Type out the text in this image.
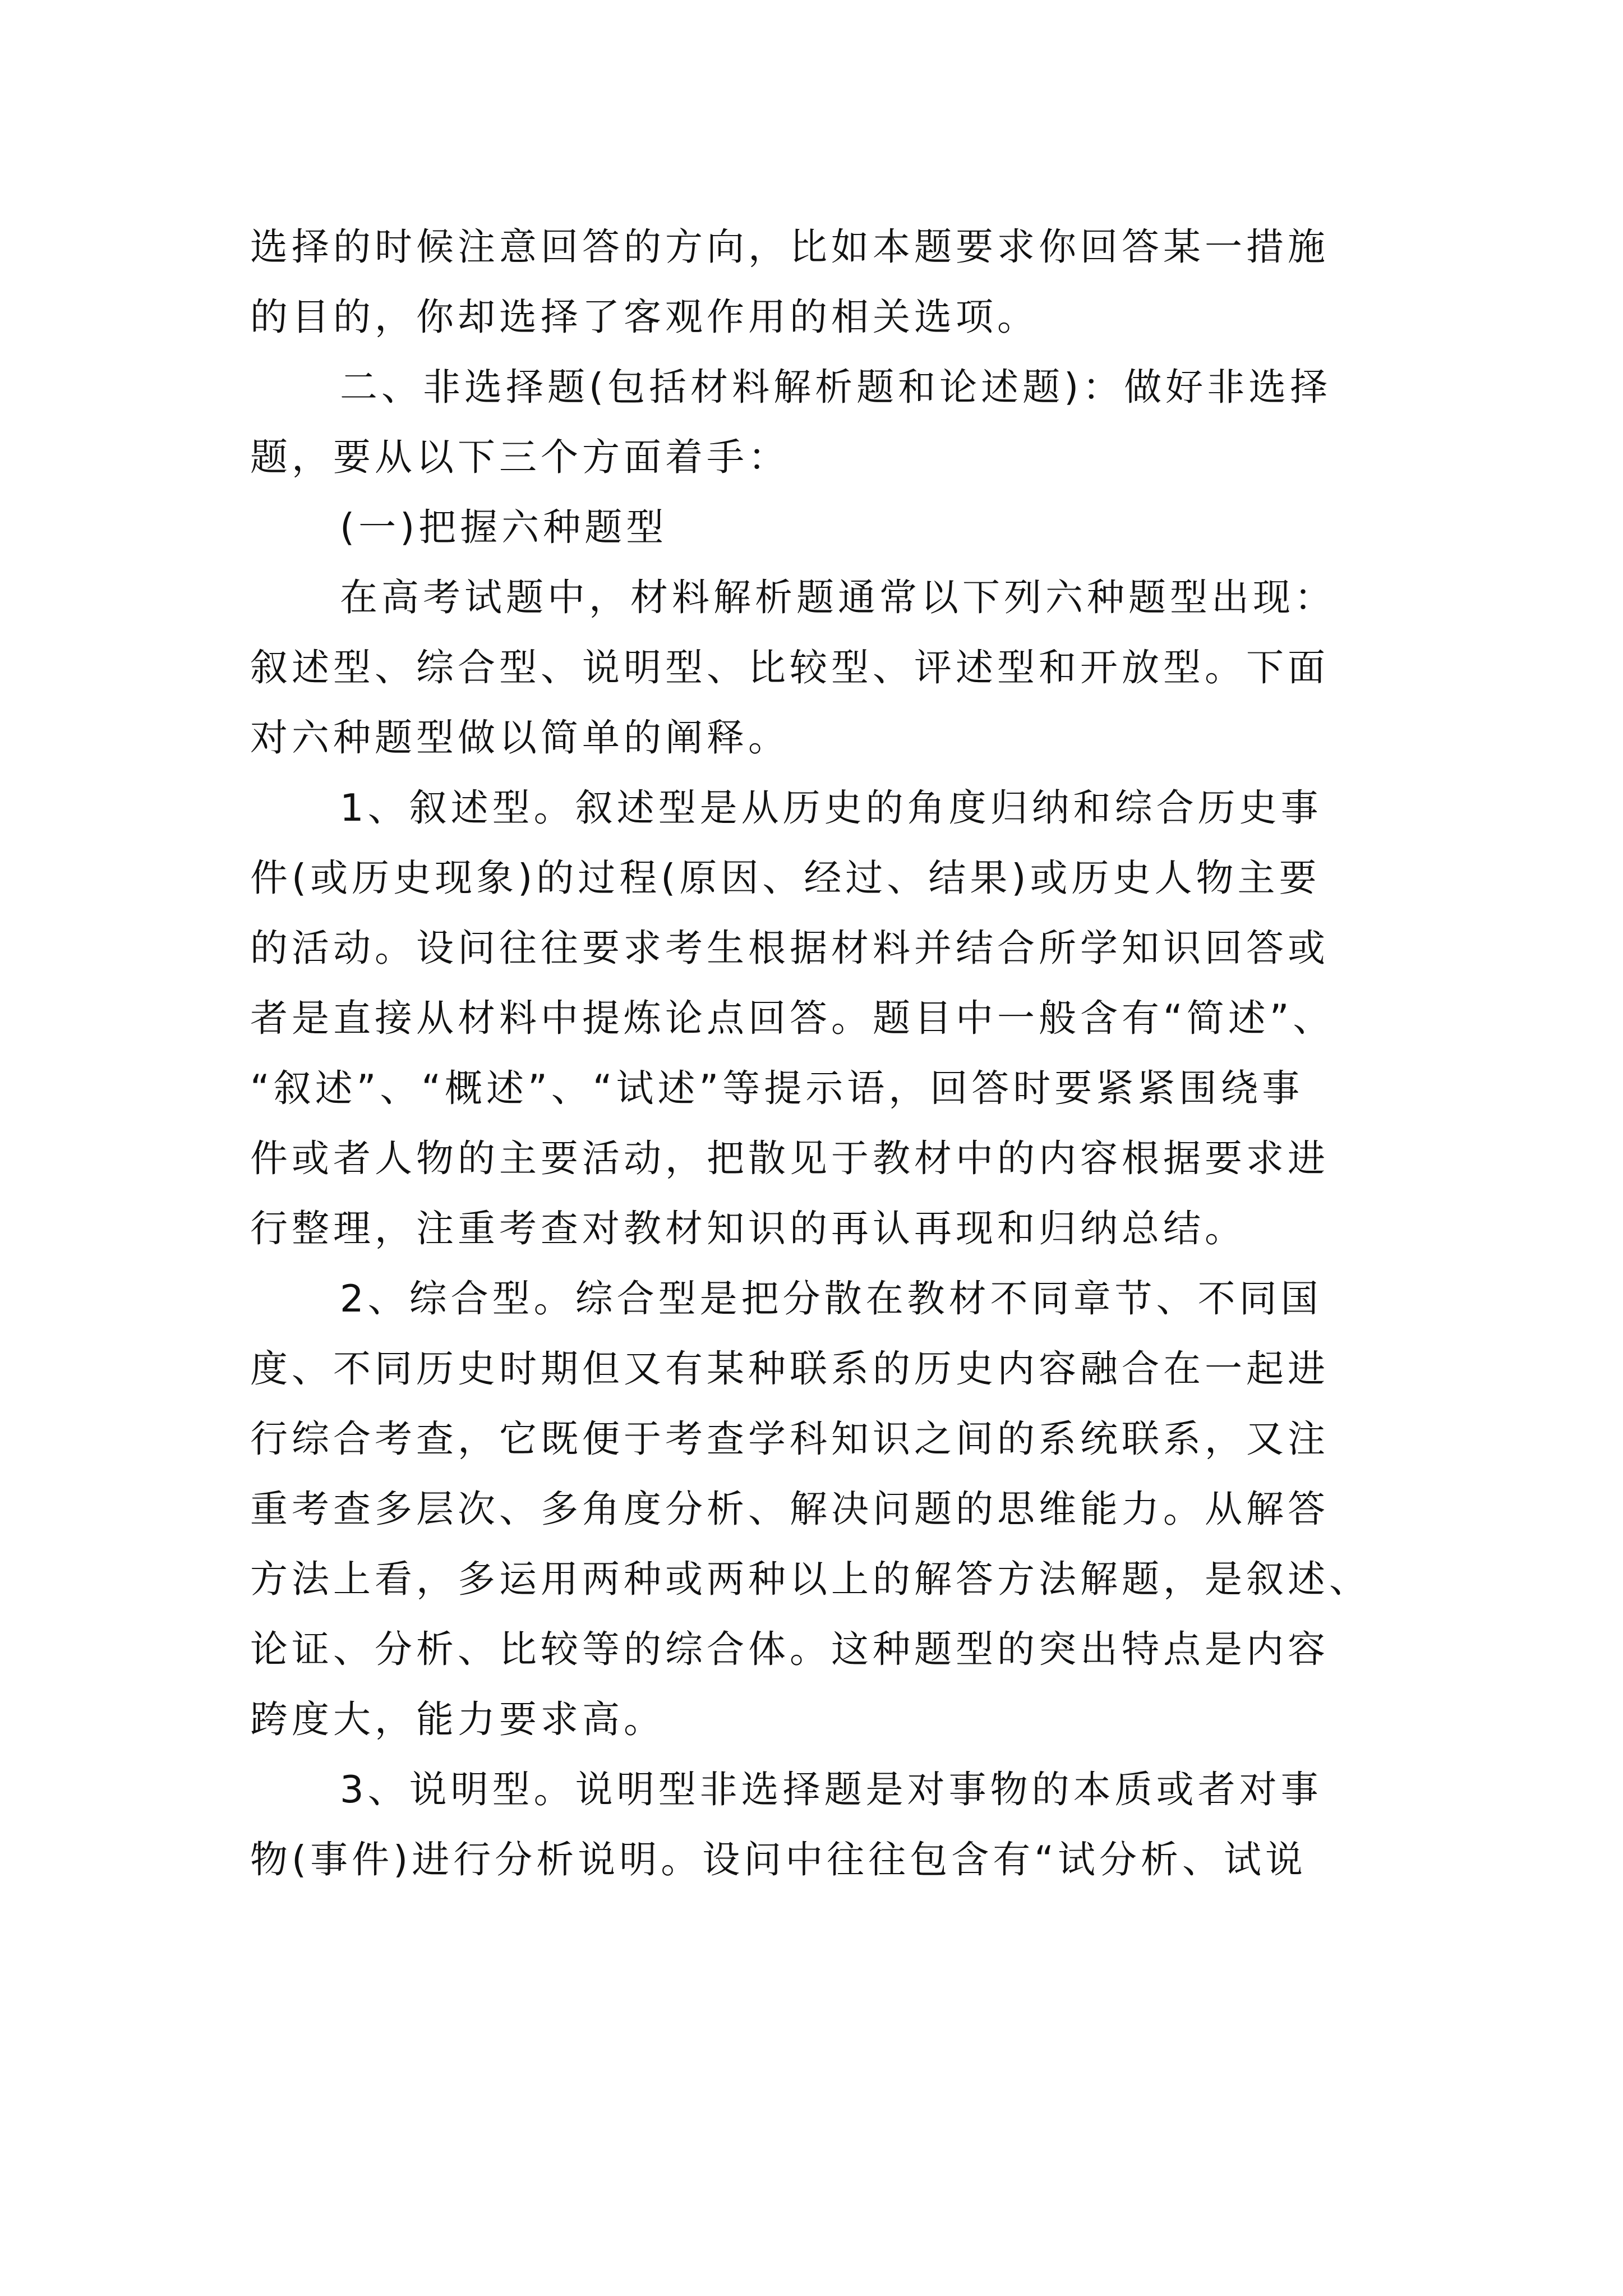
选择的时候注意回答的方向，比如本题要求你回答某一措施
的目的，你却选择了客观作用的相关选项。
二、非选择题(包括材料解析题和论述题)：做好非选择
题，要从以下三个方面着手：
(一)把握六种题型
在高考试题中，材料解析题通常以下列六种题型出现：
叙述型、综合型、说明型、比较型、评述型和开放型。下面
对六种题型做以简单的阐释。
1、叙述型。叙述型是从历史的角度归纳和综合历史事
件(或历史现象)的过程(原因、经过、结果)或历史人物主要
的活动。设问往往要求考生根据材料并结合所学知识回答或
者是直接从材料中提炼论点回答。题目中一般含有“简述”、
“叙述”、“概述”、“试述”等提示语，回答时要紧紧围绕事
件或者人物的主要活动，把散见于教材中的内容根据要求进
行整理，注重考查对教材知识的再认再现和归纳总结。
2、综合型。综合型是把分散在教材不同章节、不同国
度、不同历史时期但又有某种联系的历史内容融合在一起进
行综合考查，它既便于考查学科知识之间的系统联系，又注
重考查多层次、多角度分析、解决问题的思维能力。从解答
方法上看，多运用两种或两种以上的解答方法解题，是叙述、
论证、分析、比较等的综合体。这种题型的突出特点是内容
跨度大，能力要求高。
3、说明型。说明型非选择题是对事物的本质或者对事
物(事件)进行分析说明。设问中往往包含有“试分析、试说
